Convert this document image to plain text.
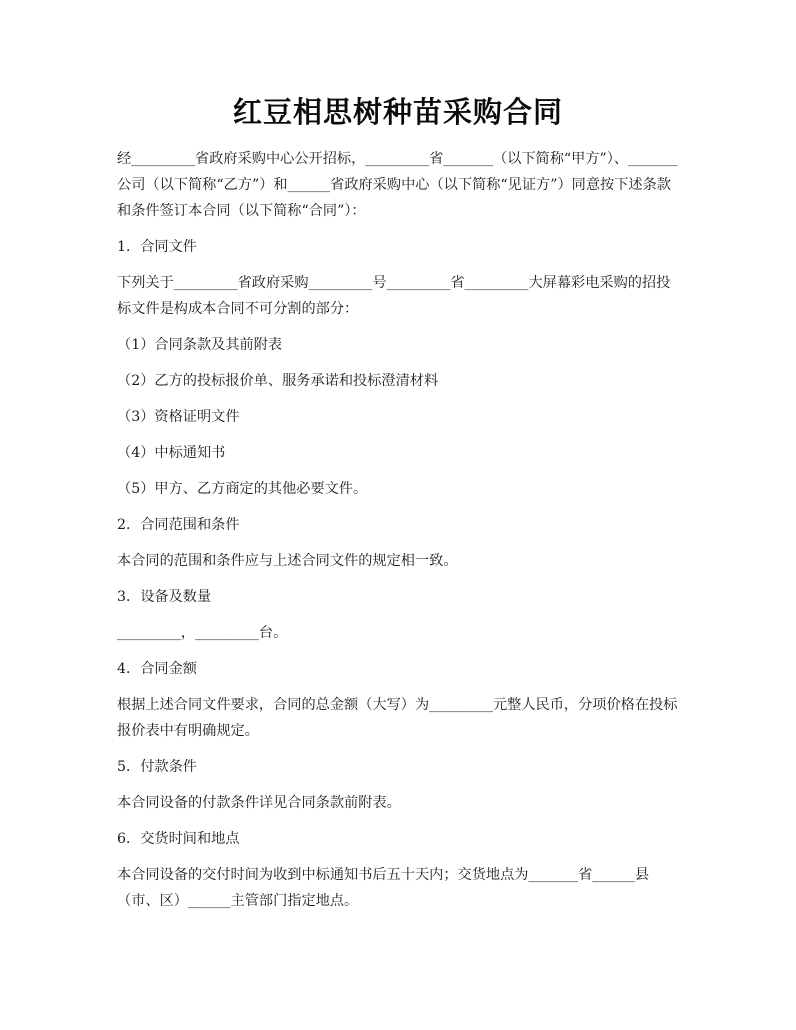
红豆相思树种苗采购合同

经_________省政府采购中心公开招标，_________省_______（以下简称“甲方”）、_______公司（以下简称“乙方”）和______省政府采购中心（以下简称“见证方”）同意按下述条款和条件签订本合同（以下简称“合同”）：

1．合同文件

下列关于_________省政府采购_________号_________省_________大屏幕彩电采购的招投标文件是构成本合同不可分割的部分：

（1）合同条款及其前附表

（2）乙方的投标报价单、服务承诺和投标澄清材料

（3）资格证明文件

（4）中标通知书

（5）甲方、乙方商定的其他必要文件。

2．合同范围和条件

本合同的范围和条件应与上述合同文件的规定相一致。

3．设备及数量

_________，_________台。

4．合同金额

根据上述合同文件要求，合同的总金额（大写）为_________元整人民币，分项价格在投标报价表中有明确规定。

5．付款条件

本合同设备的付款条件详见合同条款前附表。

6．交货时间和地点

本合同设备的交付时间为收到中标通知书后五十天内；交货地点为_______省______县（市、区）______主管部门指定地点。
